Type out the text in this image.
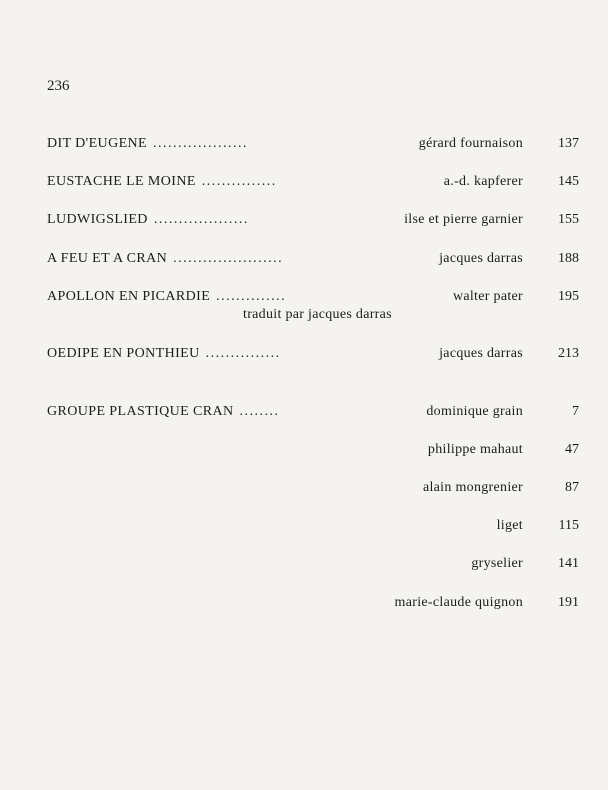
236
DIT D'EUGENE ...................	gérard fournaison	137
EUSTACHE LE MOINE ...............	a.-d. kapferer	145
LUDWIGSLIED ...................	ilse et pierre garnier	155
A FEU ET A CRAN ......................	jacques darras	188
APOLLON EN PICARDIE ..............	walter pater	195
traduit par jacques darras
OEDIPE EN PONTHIEU ...............	jacques darras	213
GROUPE PLASTIQUE CRAN ........	dominique grain	7
philippe mahaut	47
alain mongrenier	87
liget	115
gryselier	141
marie-claude quignon	191
